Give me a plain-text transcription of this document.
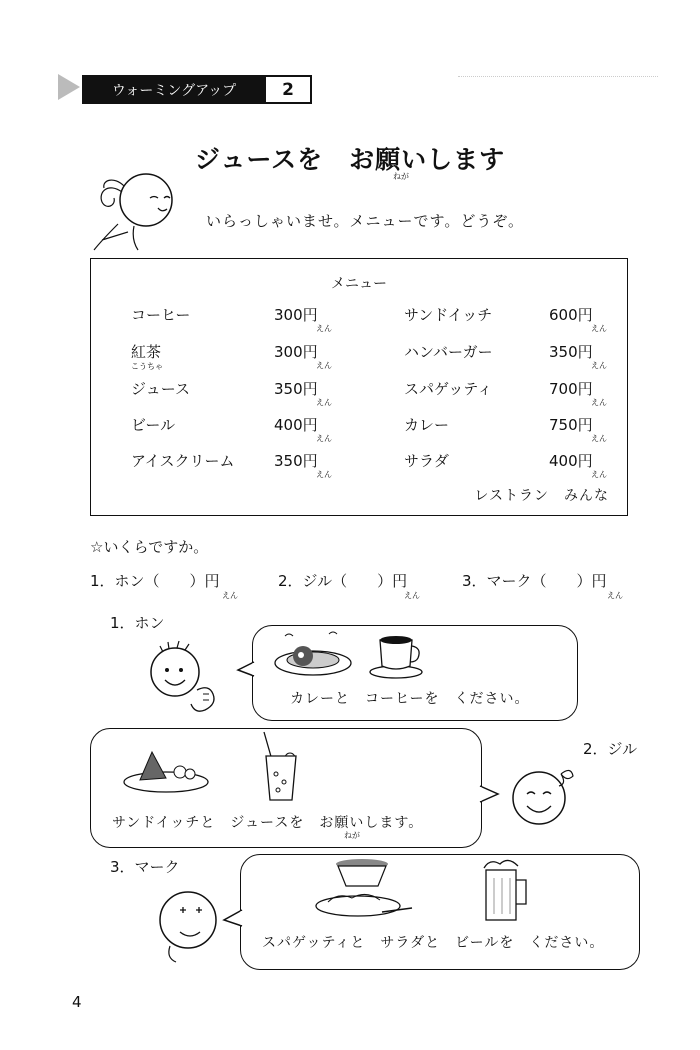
ウォーミングアップ	2
ジュースを　お願いします
ねが
いらっしゃいませ。メニューです。どうぞ。
メニュー
コーヒー
紅茶
こうちゃ
ジュース
ビール
アイスクリーム
300円
えん
300円
えん
350円
えん
400円
えん
350円
えん
サンドイッチ
ハンバーガー
スパゲッティ
カレー
サラダ
600円
えん
350円
えん
700円
えん
750円
えん
400円
えん
レストラン　みんな
☆いくらですか。
1．ホン（　　）円
えん
2．ジル（　　）円
えん
3．マーク（　　）円
えん
1．ホン
カレーと　コーヒーを　ください。
サンドイッチと　ジュースを　お願いします。
ねが
2．ジル
3．マーク
スパゲッティと　サラダと　ビールを　ください。
4
